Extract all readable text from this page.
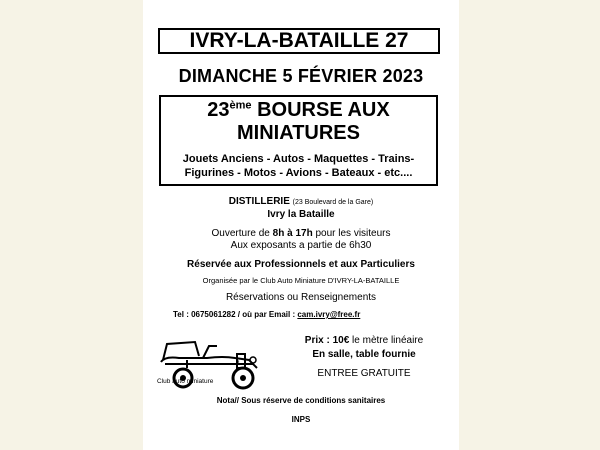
IVRY-LA-BATAILLE 27
DIMANCHE 5 FÉVRIER 2023
23ème BOURSE AUX
MINIATURES
Jouets Anciens - Autos - Maquettes - Trains-
Figurines - Motos - Avions - Bateaux - etc....
DISTILLERIE (23 Boulevard de la Gare)
Ivry la Bataille
Ouverture de 8h à 17h pour les visiteurs
Aux exposants a partie de 6h30
Réservée aux Professionnels et aux Particuliers
Organisée par le Club Auto Miniature D'IVRY-LA-BATAILLE
Réservations ou Renseignements
Tel : 0675061282 / où par Email : cam.ivry@free.fr
1
Club auto miniature
Prix : 10€ le mètre linéaire
En salle, table fournie
ENTREE GRATUITE
Nota// Sous réserve de conditions sanitaires
INPS
